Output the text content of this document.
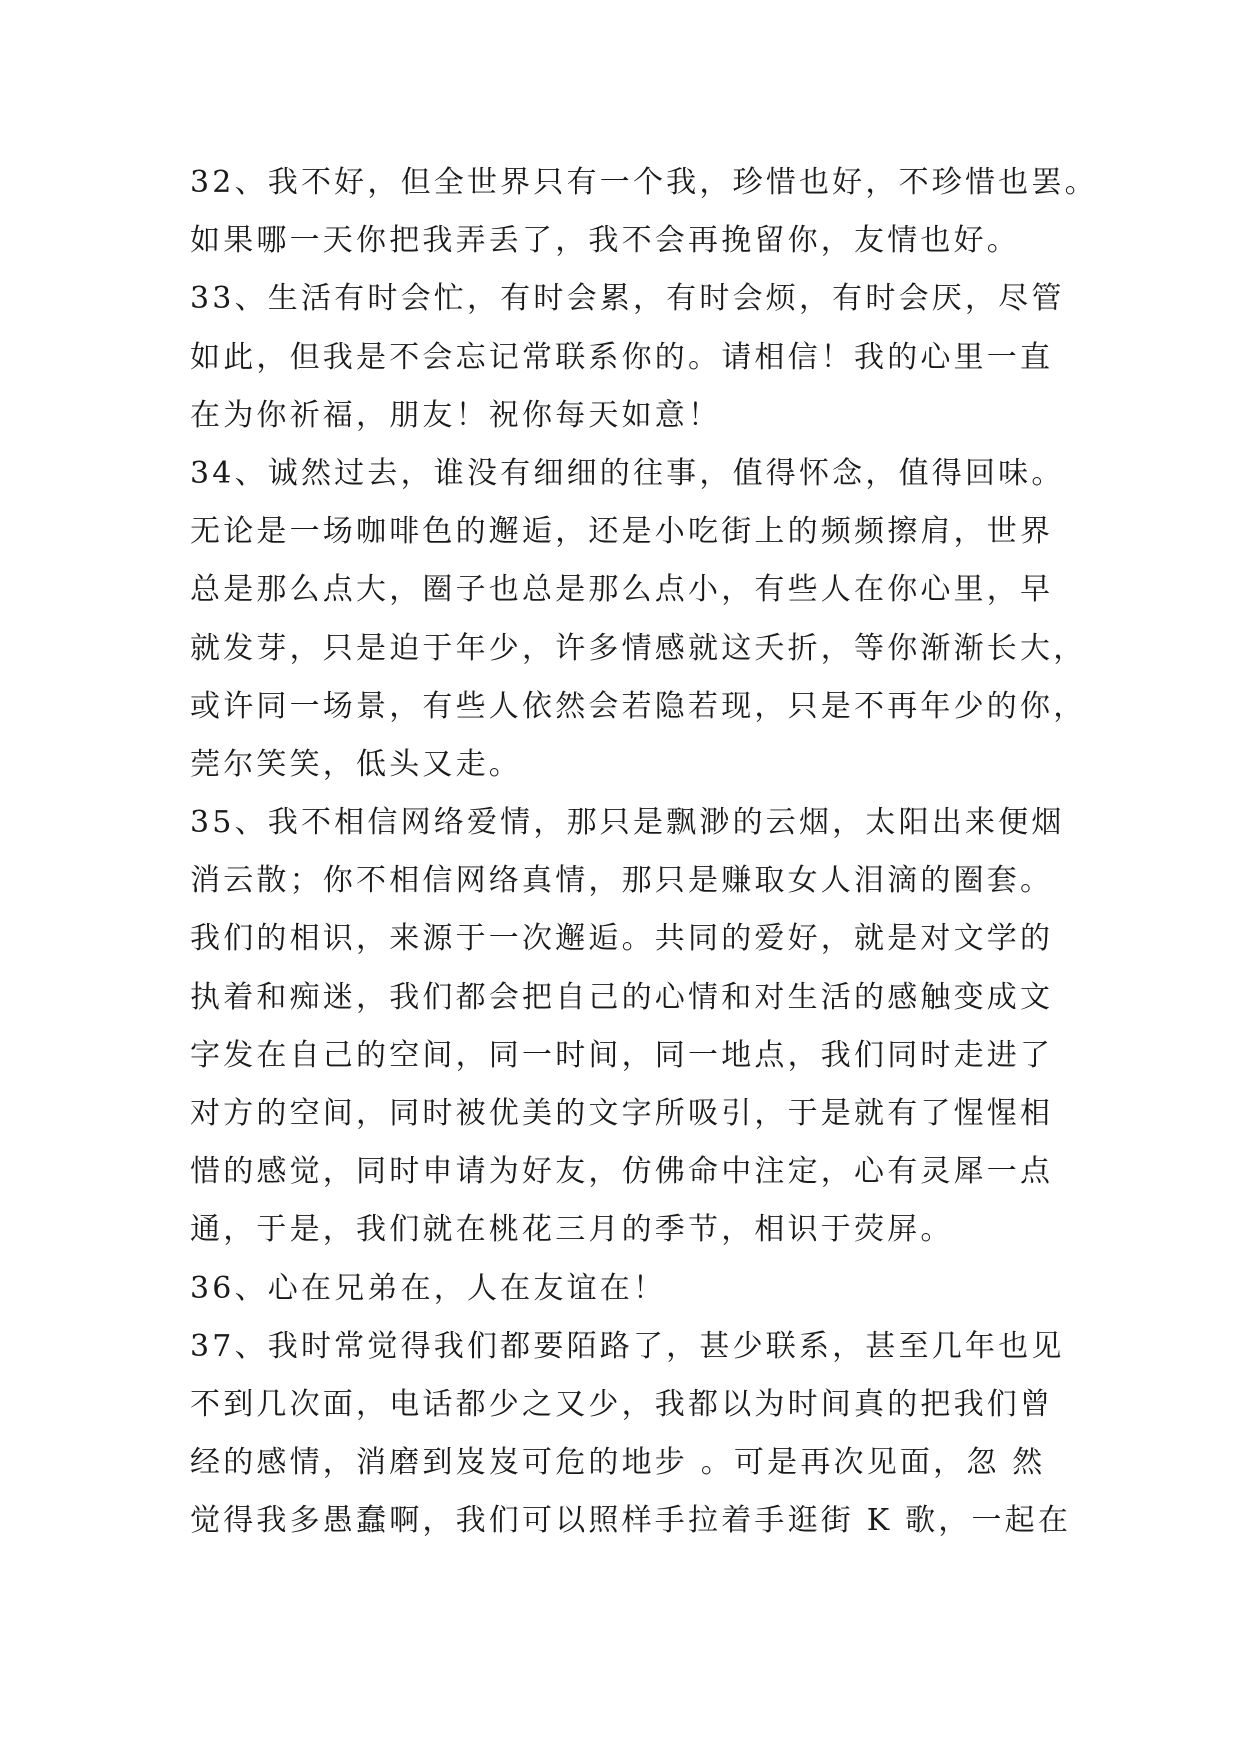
32、我不好，但全世界只有一个我，珍惜也好，不珍惜也罢。
如果哪一天你把我弄丢了，我不会再挽留你，友情也好。
33、生活有时会忙，有时会累，有时会烦，有时会厌，尽管
如此，但我是不会忘记常联系你的。请相信！我的心里一直
在为你祈福，朋友！祝你每天如意！
34、诚然过去，谁没有细细的往事，值得怀念，值得回味。
无论是一场咖啡色的邂逅，还是小吃街上的频频擦肩，世界
总是那么点大，圈子也总是那么点小，有些人在你心里，早
就发芽，只是迫于年少，许多情感就这夭折，等你渐渐长大，
或许同一场景，有些人依然会若隐若现，只是不再年少的你，
莞尔笑笑，低头又走。
35、我不相信网络爱情，那只是飘渺的云烟，太阳出来便烟
消云散；你不相信网络真情，那只是赚取女人泪滴的圈套。
我们的相识，来源于一次邂逅。共同的爱好，就是对文学的
执着和痴迷，我们都会把自己的心情和对生活的感触变成文
字发在自己的空间，同一时间，同一地点，我们同时走进了
对方的空间，同时被优美的文字所吸引，于是就有了惺惺相
惜的感觉，同时申请为好友，仿佛命中注定，心有灵犀一点
通，于是，我们就在桃花三月的季节，相识于荧屏。
36、心在兄弟在，人在友谊在！
37、我时常觉得我们都要陌路了，甚少联系，甚至几年也见
不到几次面，电话都少之又少，我都以为时间真的把我们曾
经的感情，消磨到岌岌可危的地步 。可是再次见面，忽 然
觉得我多愚蠢啊，我们可以照样手拉着手逛街 K 歌，一起在
